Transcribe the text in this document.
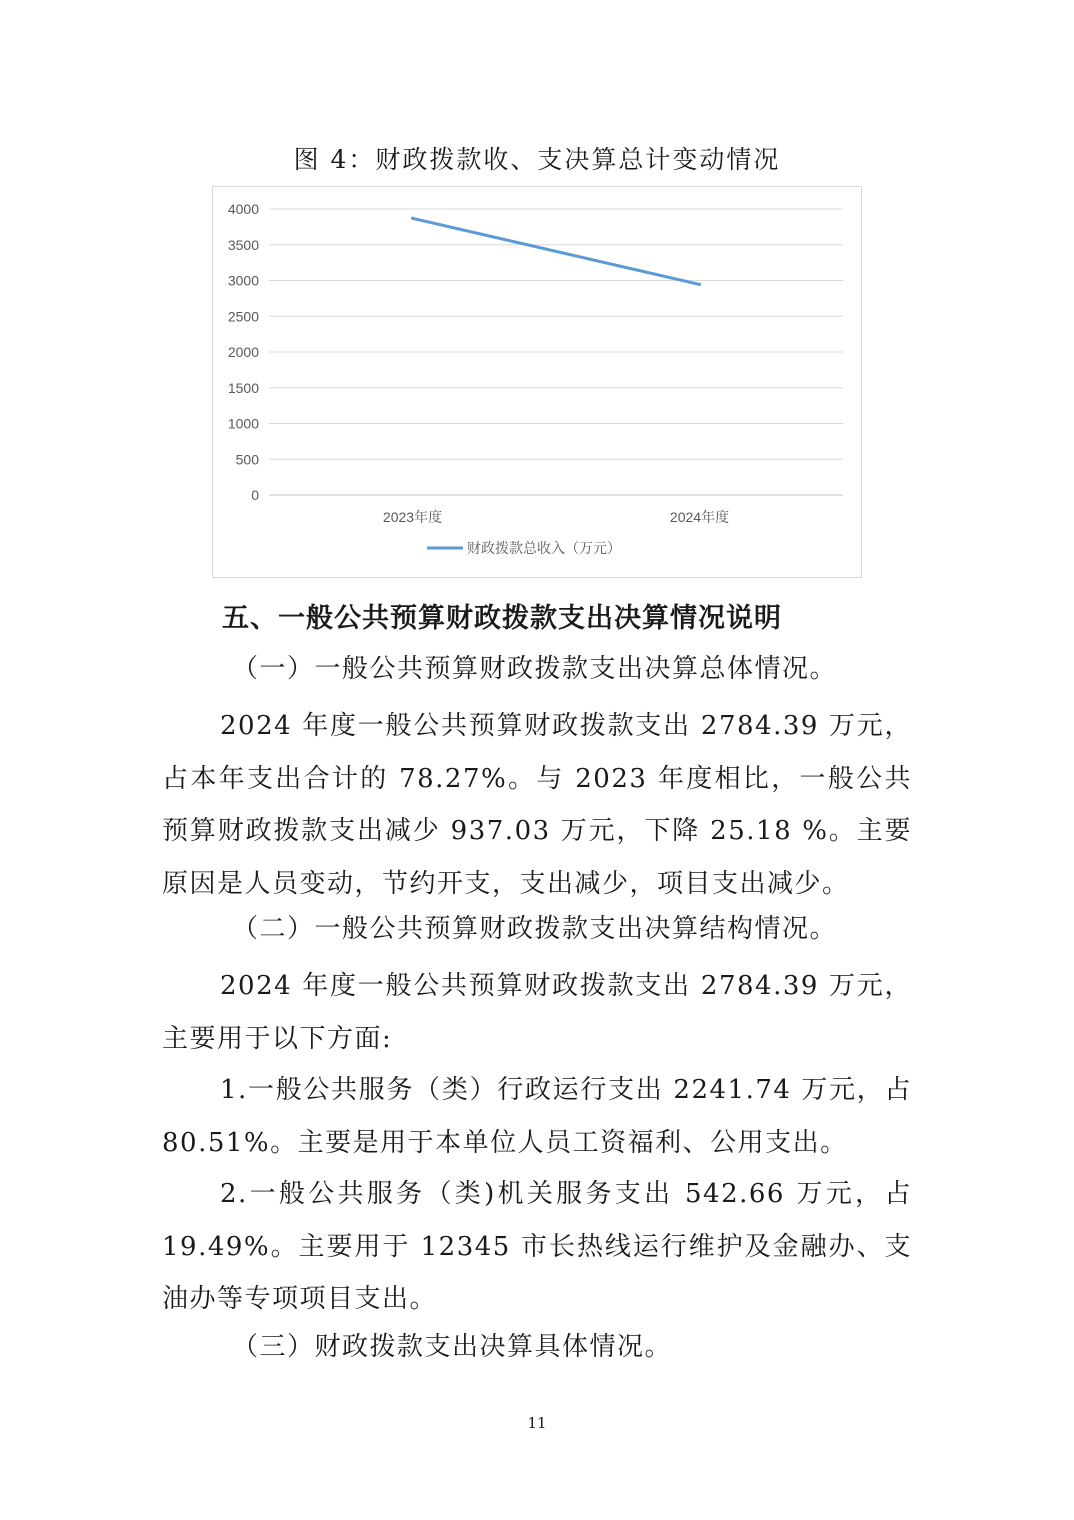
图 4：财政拨款收、支决算总计变动情况
0
500
1000
1500
2000
2500
3000
3500
4000
2023年度	2024年度
财政拨款总收入（万元）
五、一般公共预算财政拨款支出决算情况说明
（一）一般公共预算财政拨款支出决算总体情况。

2024 年度一般公共预算财政拨款支出 2784.39 万元，占本年支出合计的 78.27%。与 2023 年度相比，一般公共预算财政拨款支出减少 937.03 万元，下降 25.18 %。主要原因是人员变动，节约开支，支出减少，项目支出减少。

（二）一般公共预算财政拨款支出决算结构情况。

2024 年度一般公共预算财政拨款支出 2784.39 万元，主要用于以下方面:

1.一般公共服务（类）行政运行支出 2241.74 万元，占 80.51%。主要是用于本单位人员工资福利、公用支出。

2.一般公共服务（类)机关服务支出 542.66 万元，占 19.49%。主要用于 12345 市长热线运行维护及金融办、支油办等专项项目支出。

（三）财政拨款支出决算具体情况。
11
